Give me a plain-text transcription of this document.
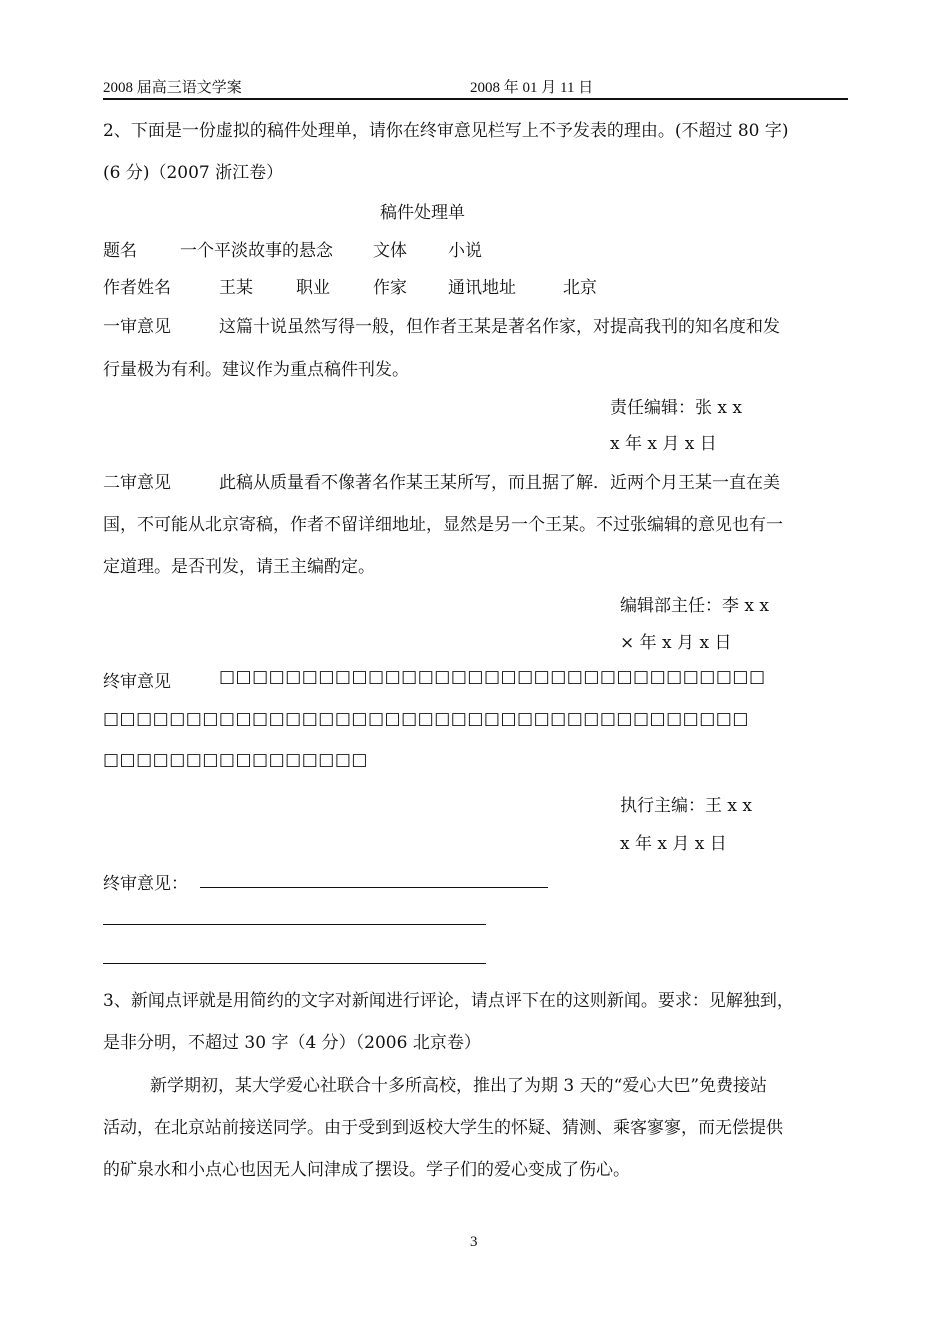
2008 届高三语文学案	2008 年 01 月 11 日
2、下面是一份虚拟的稿件处理单，请你在终审意见栏写上不予发表的理由。(不超过 80 字)
(6 分)（2007 浙江卷）
稿件处理单
题名	一个平淡故事的悬念 文体 小说
作者姓名	王某	职业	作家 通讯地址	北京
一审意见	这篇十说虽然写得一般，但作者王某是著名作家，对提高我刊的知名度和发
行量极为有利。建议作为重点稿件刊发。
责任编辑：张 x x
x 年 x 月 x 日
二审意见	此稿从质量看不像著名作某王某所写，而且据了解．近两个月王某一直在美
国，不可能从北京寄稿，作者不留详细地址，显然是另一个王某。不过张编辑的意见也有一
定道理。是否刊发，请王主编酌定。
编辑部主任：李 x x
× 年 x 月 x 日
终审意见	□□□□□□□□□□□□□□□□□□□□□□□□□□□□□□□□□
□□□□□□□□□□□□□□□□□□□□□□□□□□□□□□□□□□□□□□□
□□□□□□□□□□□□□□□□
执行主编：王 x x
x 年 x 月 x 日
终审意见：
3、新闻点评就是用简约的文字对新闻进行评论，请点评下在的这则新闻。要求：见解独到，
是非分明，不超过 30 字（4 分）（2006 北京卷）
新学期初，某大学爱心社联合十多所高校，推出了为期 3 天的“爱心大巴”免费接站
活动，在北京站前接送同学。由于受到到返校大学生的怀疑、猜测、乘客寥寥，而无偿提供
的矿泉水和小点心也因无人问津成了摆设。学子们的爱心变成了伤心。
3
